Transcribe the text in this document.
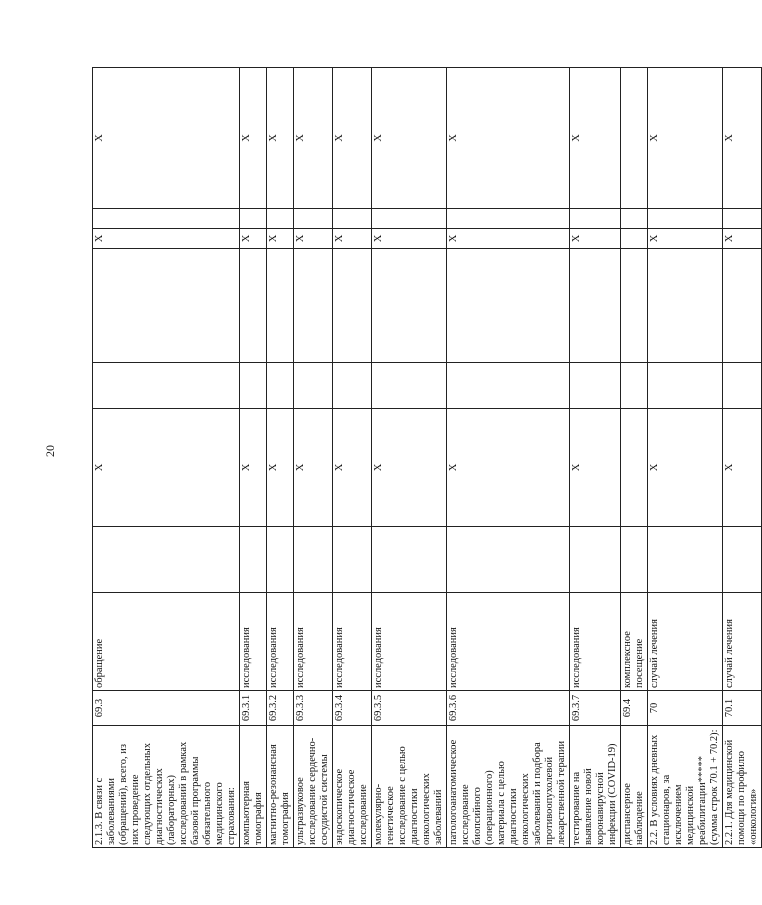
20
2.1.3. В связи с заболеваниями (обращений), всего, из них проведение следующих отдельных диагностических (лабораторных) исследований в рамках базовой программы обязательного медицинского страхования:	69.3	обращение		X			X		X
компьютерная томография	69.3.1	исследования		X			X		X
магнитно-резонансная томография	69.3.2	исследования		X			X		X
ультразвуковое исследование сердечно-сосудистой системы	69.3.3	исследования		X			X		X
эндоскопическое диагностическое исследование	69.3.4	исследования		X			X		X
молекулярно-генетическое исследование с целью диагностики онкологических заболеваний	69.3.5	исследования		X			X		X
патологоанатомическое исследование биопсийного (операционного) материала с целью диагностики онкологических заболеваний и подбора противоопухолевой лекарственной терапии	69.3.6	исследования		X			X		X
тестирование на выявление новой коронавирусной инфекции (COVID-19)	69.3.7	исследования		X			X		X
диспансерное наблюдение	69.4	комплексное посещение							
2.2. В условиях дневных стационаров, за исключением медицинской реабилитации***** (сумма строк 70.1 + 70.2):	70	случай лечения		X			X		X
2.2.1. Для медицинской помощи по профилю «онкология»	70.1	случай лечения		X			X		X
